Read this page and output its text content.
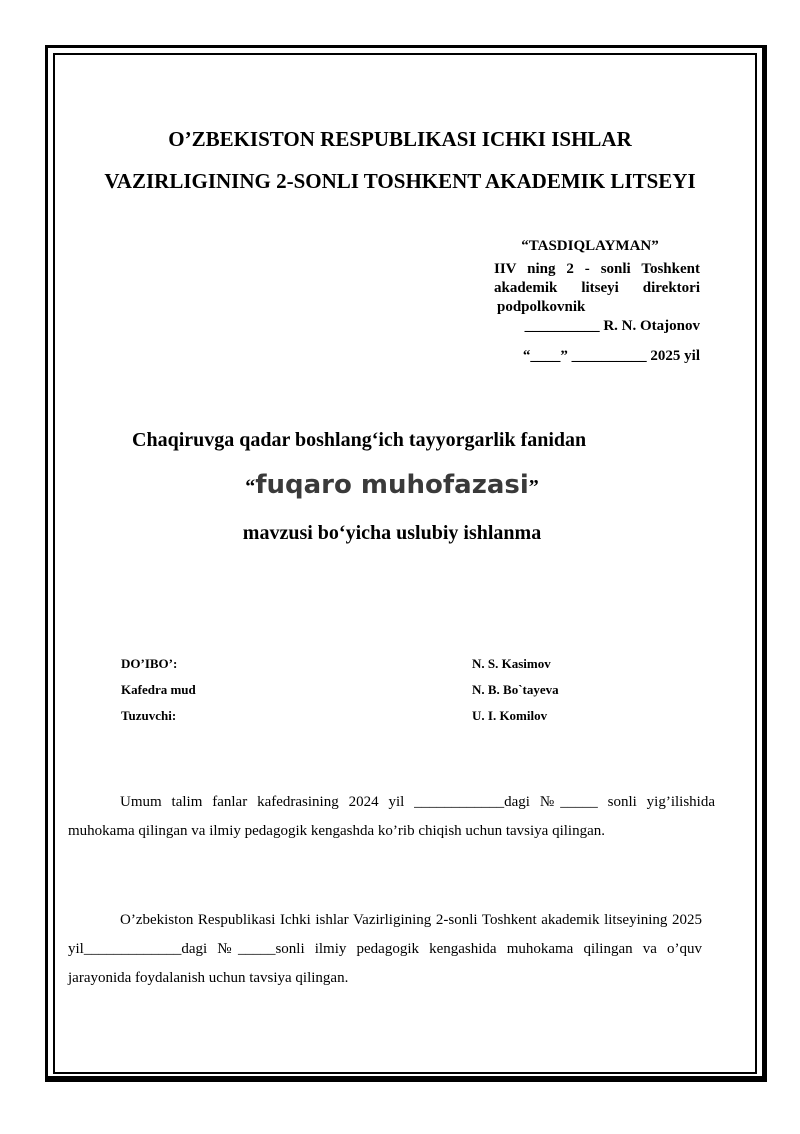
O’ZBEKISTON RESPUBLIKASI ICHKI ISHLAR

VAZIRLIGINING 2-SONLI TOSHKENT AKADEMIK LITSEYI

“TASDIQLAYMAN”

IIV ning 2 - sonli Toshkent

akademik litseyi direktori

podpolkovnik

__________ R. N. Otajonov

“____” __________ 2025 yil

Chaqiruvga qadar boshlang‘ich tayyorgarlik fanidan

“fuqaro muhofazasi”

mavzusi bo‘yicha uslubiy ishlanma

DO’IBO’:	N. S. Kasimov

Kafedra mud	N. B. Bo`tayeva

Tuzuvchi:	U. I. Komilov

Umum talim fanlar kafedrasining 2024 yil ____________dagi №_____ sonli yig’ilishida muhokama qilingan va ilmiy pedagogik kengashda ko’rib chiqish uchun tavsiya qilingan.

O’zbekiston Respublikasi Ichki ishlar Vazirligining 2-sonli Toshkent akademik litseyining 2025 yil_____________dagi №_____sonli ilmiy pedagogik kengashida muhokama qilingan va o’quv jarayonida foydalanish uchun tavsiya qilingan.
